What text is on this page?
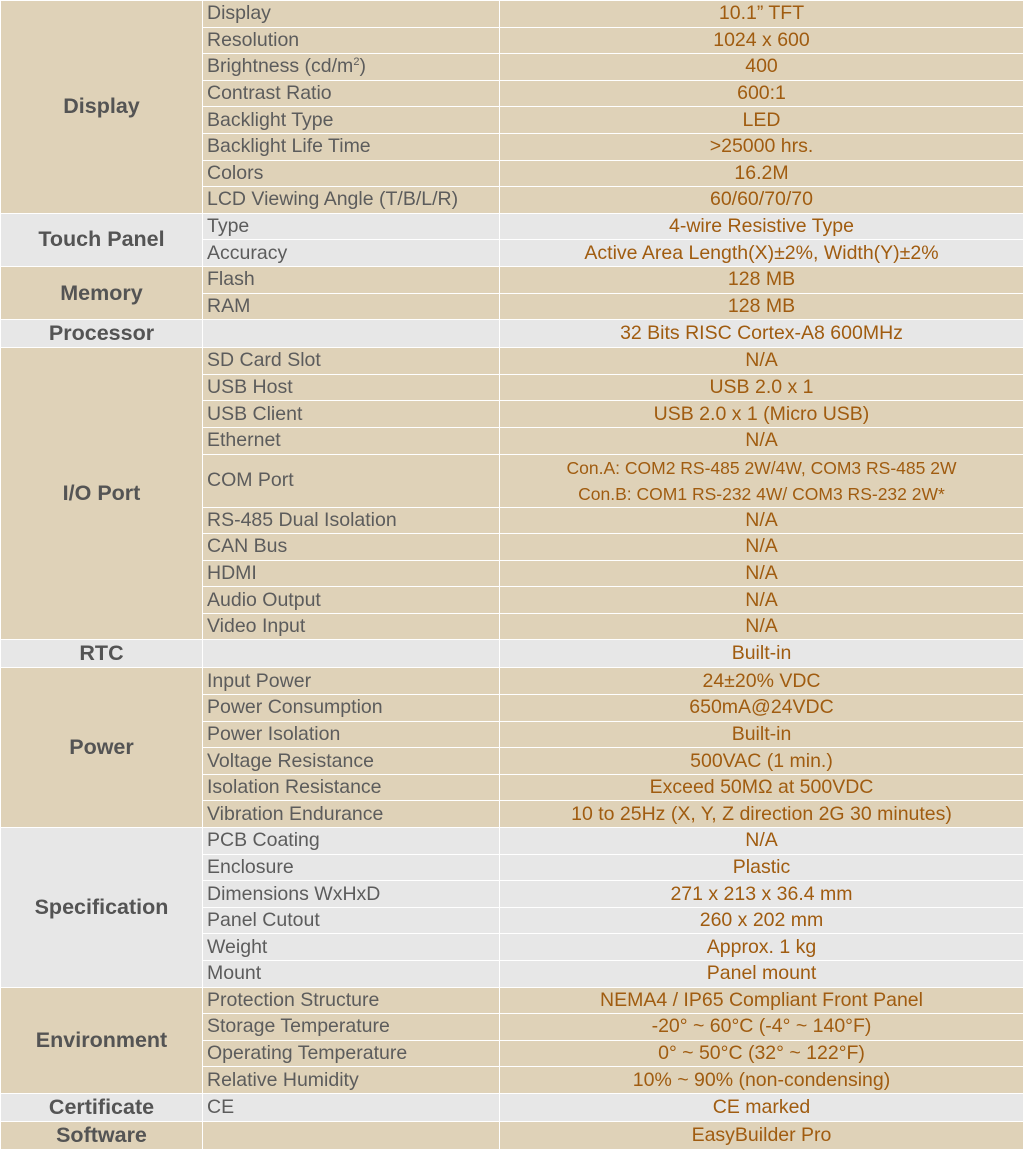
Display	Display	10.1” TFT

	Resolution	1024 x 600

	Brightness $(cd/m^2)$	400

	Contrast Ratio	600:1

	Backlight Type	LED

	Backlight Life Time	>25000 hrs.

	Colors	16.2M

	LCD Viewing Angle (T/B/L/R)	60/60/70/70

Touch Panel	Type	4-wire Resistive Type

	Accuracy	Active Area Length(X)±2%, Width(Y)±2%

Memory	Flash	128 MB

	RAM	128 MB

Processor		32 Bits RISC Cortex-A8 600MHz

I/O Port	SD Card Slot	N/A

	USB Host	USB 2.0 x 1

	USB Client	USB 2.0 x 1 (Micro USB)

	Ethernet	N/A

	COM Port	Con.A: COM2 RS-485 2W/4W, COM3 RS-485 2W
Con.B: COM1 RS-232 4W/ COM3 RS-232 2W*

	RS-485 Dual Isolation	N/A

	CAN Bus	N/A

	HDMI	N/A

	Audio Output	N/A

	Video Input	N/A

RTC		Built-in

Power	Input Power	24±20% VDC

	Power Consumption	650mA@24VDC

	Power Isolation	Built-in

	Voltage Resistance	500VAC (1 min.)

	Isolation Resistance	Exceed 50MΩ at 500VDC

	Vibration Endurance	10 to 25Hz (X, Y, Z direction 2G 30 minutes)

Specification	PCB Coating	N/A

	Enclosure	Plastic

	Dimensions WxHxD	271 x 213 x 36.4 mm

	Panel Cutout	260 x 202 mm

	Weight	Approx. 1 kg

	Mount	Panel mount

Environment	Protection Structure	NEMA4 / IP65 Compliant Front Panel

	Storage Temperature	-20° ~ 60°C (-4° ~ 140°F)

	Operating Temperature	0° ~ 50°C (32° ~ 122°F)

	Relative Humidity	10% ~ 90% (non-condensing)

Certificate	CE	CE marked

Software		EasyBuilder Pro
